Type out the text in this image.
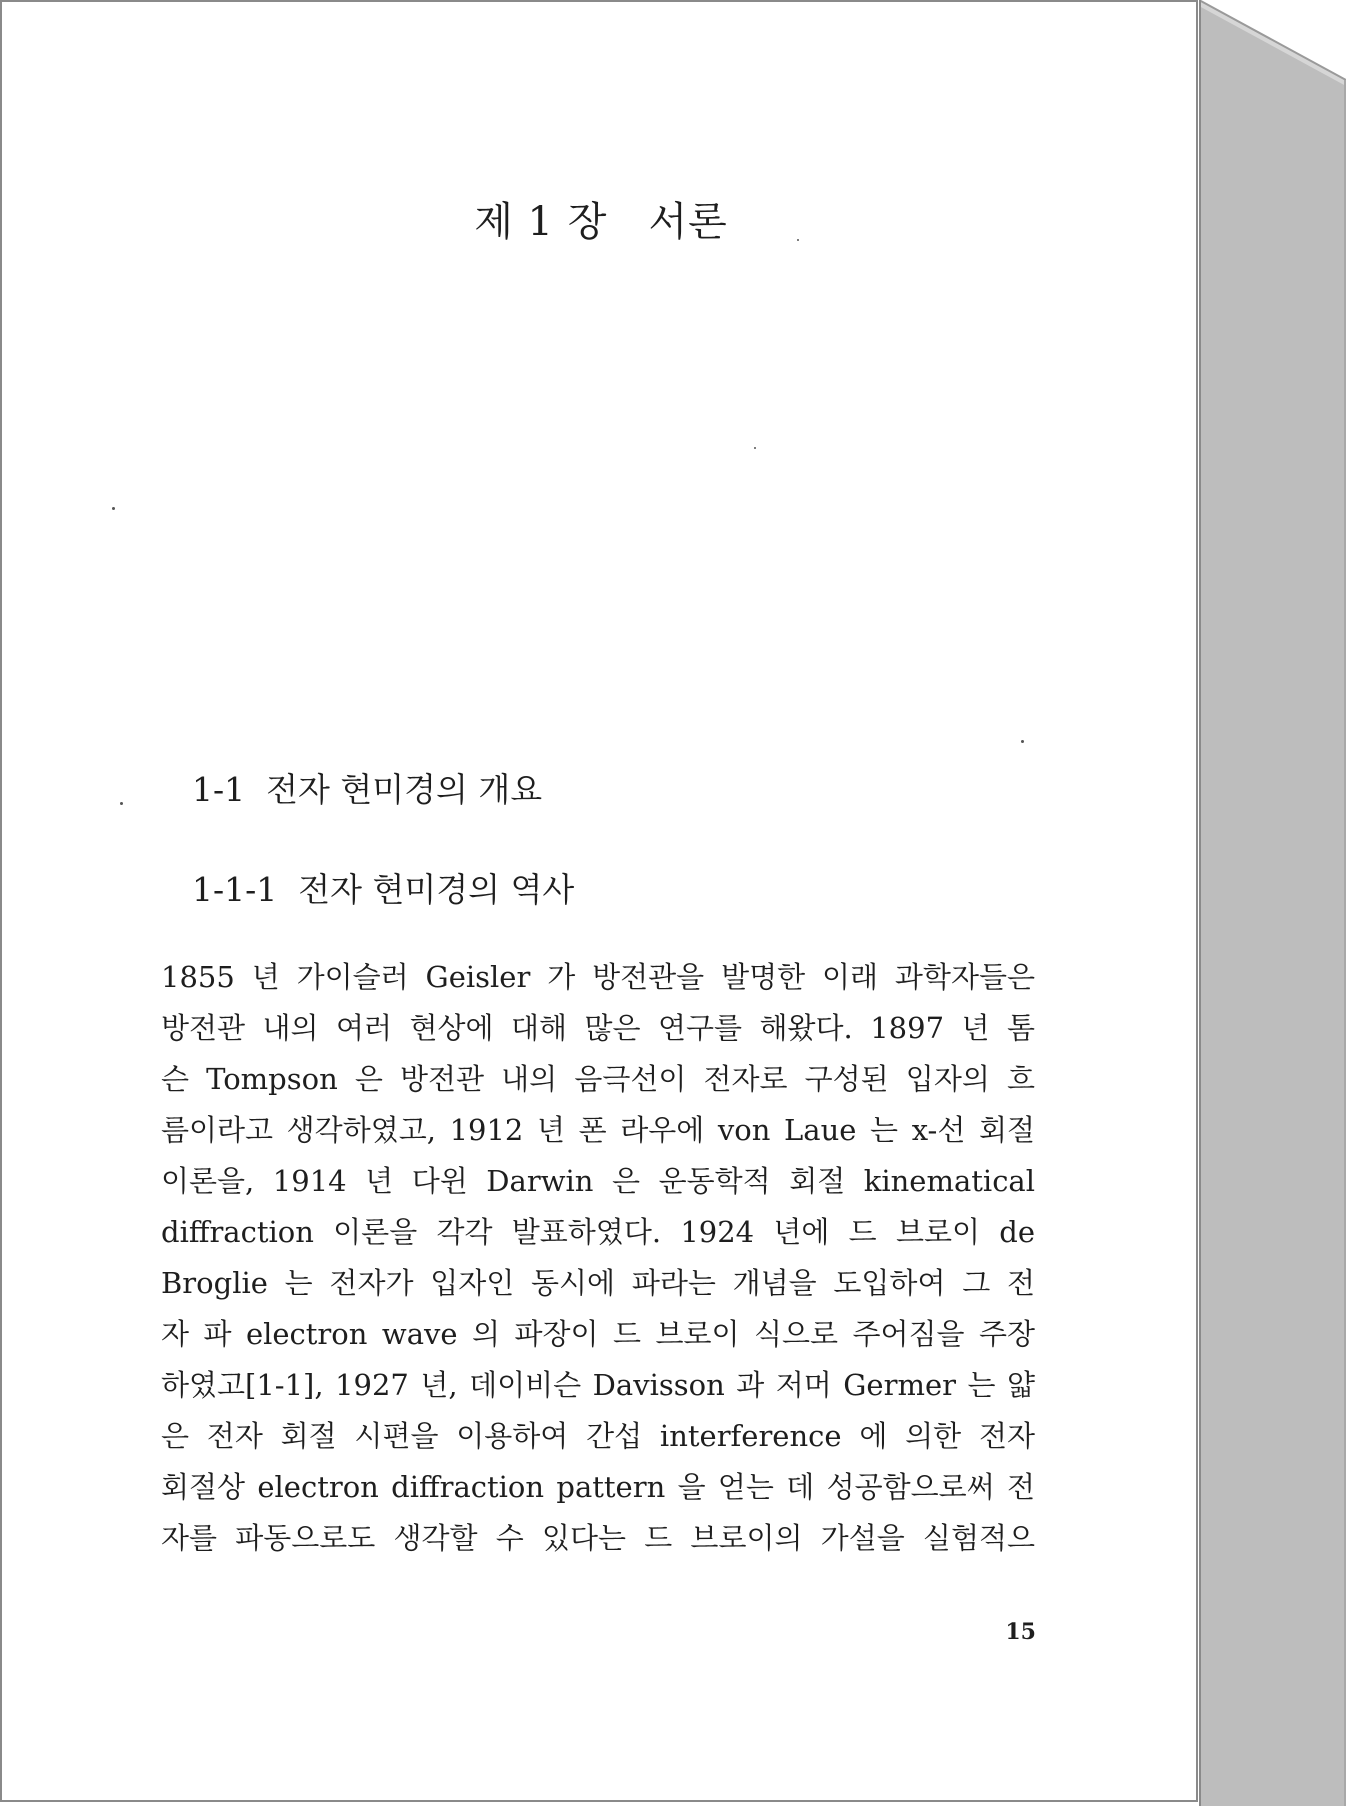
제 1 장   서론
1-1  전자 현미경의 개요
1-1-1  전자 현미경의 역사
1855 년 가이슬러 Geisler 가 방전관을 발명한 이래 과학자들은
방전관 내의 여러 현상에 대해 많은 연구를 해왔다. 1897 년 톰
슨 Tompson 은 방전관 내의 음극선이 전자로 구성된 입자의 흐
름이라고 생각하였고, 1912 년 폰 라우에 von Laue 는 x-선 회절
이론을, 1914 년 다윈 Darwin 은 운동학적 회절 kinematical
diffraction 이론을 각각 발표하였다. 1924 년에 드 브로이 de
Broglie 는 전자가 입자인 동시에 파라는 개념을 도입하여 그 전
자 파 electron wave 의 파장이 드 브로이 식으로 주어짐을 주장
하였고[1-1], 1927 년, 데이비슨 Davisson 과 저머 Germer 는 얇
은 전자 회절 시편을 이용하여 간섭 interference 에 의한 전자
회절상 electron diffraction pattern 을 얻는 데 성공함으로써 전
자를 파동으로도 생각할 수 있다는 드 브로이의 가설을 실험적으
15
